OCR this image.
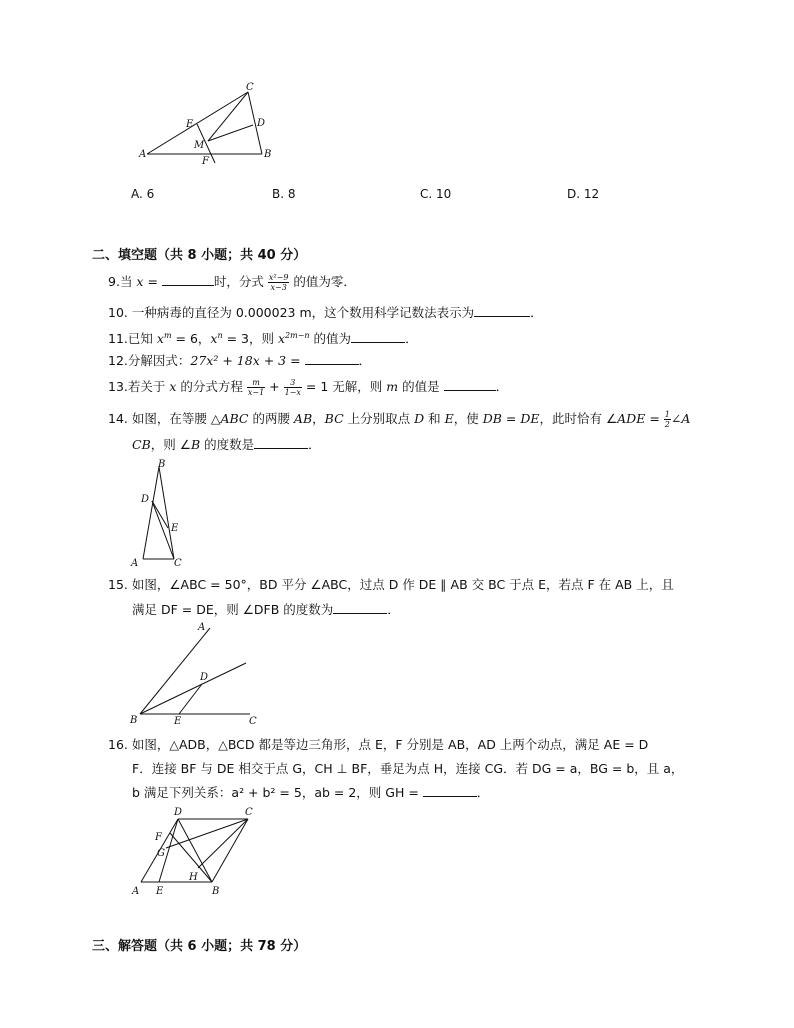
C
E	D
M
A
F
B
A. 6	B. 8	C. 10	D. 12
二、填空题（共 8 小题；共 40 分）
9.当 x =	时，分式 $\frac{\text{x²−9}}{x-3}$ 的值为零．
10. 一种病毒的直径为 0.000023 m，这个数用科学记数法表示为	．
11.已知 $x^m = 6$，$x^n = 3$，则 $x^{2m-n}$ 的值为	．
12.分解因式：27x² + 18x + 3 =	．
13.若关于 x 的分式方程 $\frac{m}{x-1} + \frac{3}{1-x} = 1$ 无解，则 m 的值是	．
14. 如图，在等腰 △ABC 的两腰 AB，BC 上分别取点 D 和 E，使 DB = DE，此时恰有 ∠ADE = $\frac{1}{2}$ ∠A
CB，则 ∠B 的度数是	．
B
D
E
A	C
15. 如图，∠ABC = 50°，BD 平分 ∠ABC，过点 D 作 DE ∥ AB 交 BC 于点 E，若点 F 在 AB 上，且
满足 DF = DE，则 ∠DFB 的度数为	．
A
D
B	E	C
16. 如图，△ADB，△BCD 都是等边三角形，点 E，F 分别是 AB，AD 上两个动点，满足 AE = D
F．连接 BF 与 DE 相交于点 G，CH ⊥ BF，垂足为点 H，连接 CG．若 DG = a，BG = b，且 a，
b 满足下列关系：a² + b² = 5，ab = 2，则 GH =	．
D	C
F
G
H
A E	B
三、解答题（共 6 小题；共 78 分）
